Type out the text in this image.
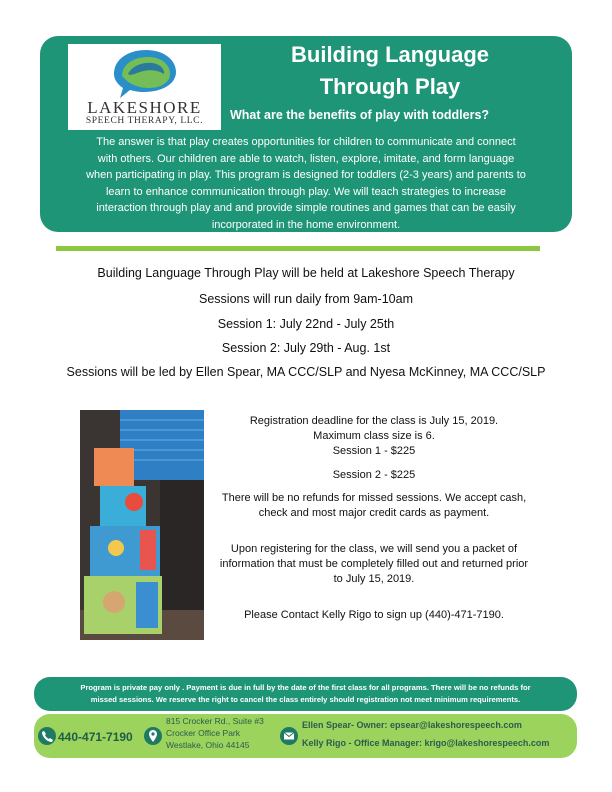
LAKESHORE
SPEECH THERAPY, LLC.
Building Language
Through Play
What are the benefits of play with toddlers?
The answer is that play creates opportunities for children to communicate and connect
with others. Our children are able to watch, listen, explore, imitate, and form language
when participating in play. This program is designed for toddlers (2-3 years) and parents to
learn to enhance communication through play. We will teach strategies to increase
interaction through play and and provide simple routines and games that can be easily
incorporated in the home environment.
Building Language Through Play will be held at Lakeshore Speech Therapy
Sessions will run daily from 9am-10am
Session 1: July 22nd - July 25th
Session 2: July 29th - Aug. 1st
Sessions will be led by Ellen Spear, MA CCC/SLP and Nyesa McKinney, MA CCC/SLP
Registration deadline for the class is July 15, 2019.
Maximum class size is 6.
Session 1 - $225
Session 2 - $225
There will be no refunds for missed sessions. We accept cash,
check and most major credit cards as payment.
Upon registering for the class, we will send you a packet of
information that must be completely filled out and returned prior
to July 15, 2019.
Please Contact Kelly Rigo to sign up (440)-471-7190.

Program is private pay only . Payment is due in full by the date of the first class for all programs. There will be no refunds for
missed sessions. We reserve the right to cancel the class entirely should registration not meet minimum requirements.

440-471-7190
815 Crocker Rd., Suite #3
Crocker Office Park
Westlake, Ohio 44145
Ellen Spear- Owner: epsear@lakeshorespeech.com
Kelly Rigo - Office Manager: krigo@lakeshorespeech.com
